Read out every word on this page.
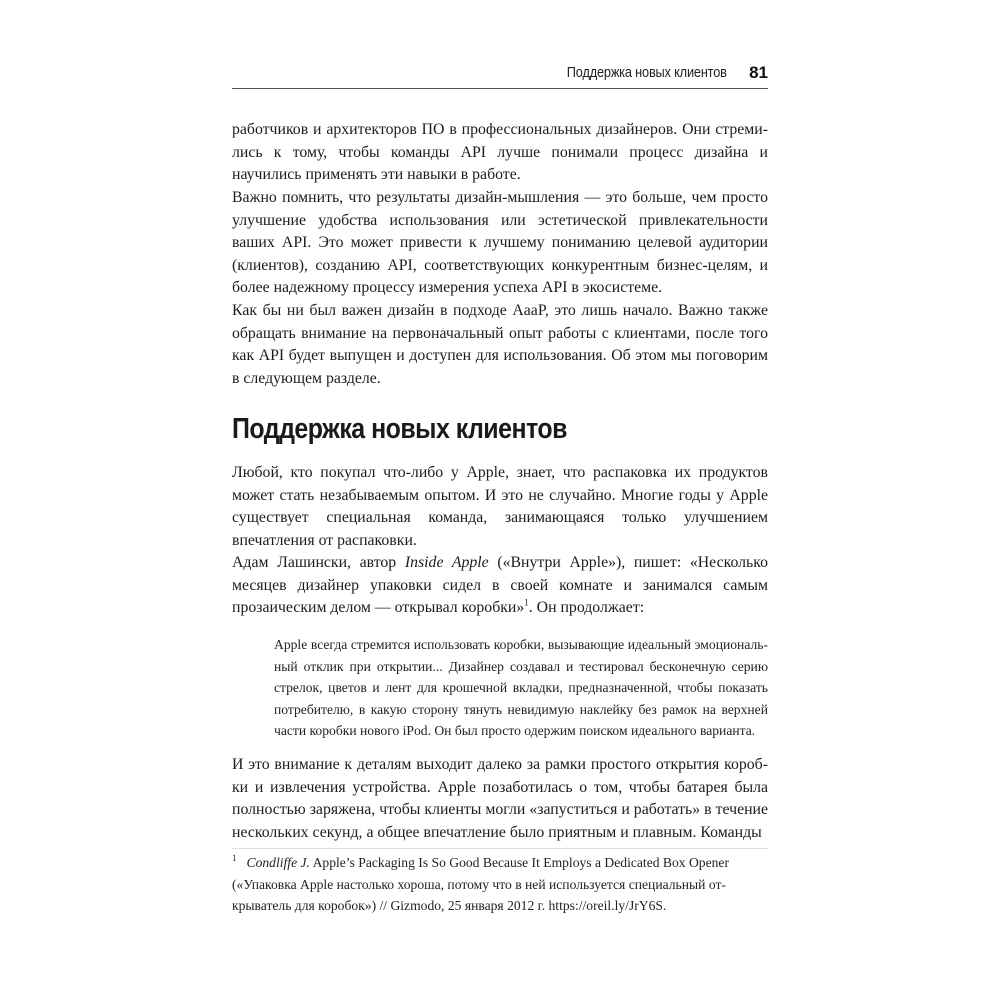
Поддержка новых клиентов 81

работчиков и архитекторов ПО в профессиональных дизайнеров. Они стремились к тому, чтобы команды API лучше понимали процесс дизайна и научились применять эти навыки в работе.

Важно помнить, что результаты дизайн-мышления — это больше, чем просто улучшение удобства использования или эстетической привлекательности ваших API. Это может привести к лучшему пониманию целевой аудитории (клиентов), созданию API, соответствующих конкурентным бизнес-целям, и более надежному процессу измерения успеха API в экосистеме.

Как бы ни был важен дизайн в подходе AaaP, это лишь начало. Важно также обращать внимание на первоначальный опыт работы с клиентами, после того как API будет выпущен и доступен для использования. Об этом мы поговорим в следующем разделе.

Поддержка новых клиентов

Любой, кто покупал что-либо у Apple, знает, что распаковка их продуктов может стать незабываемым опытом. И это не случайно. Многие годы у Apple существует специальная команда, занимающаяся только улучшением впечатления от распаковки.

Адам Лашински, автор Inside Apple («Внутри Apple»), пишет: «Несколько месяцев дизайнер упаковки сидел в своей комнате и занимался самым прозаическим делом — открывал коробки»$^1$. Он продолжает:

Apple всегда стремится использовать коробки, вызывающие идеальный эмоциональный отклик при открытии... Дизайнер создавал и тестировал бесконечную серию стрелок, цветов и лент для крошечной вкладки, предназначенной, чтобы показать потребителю, в какую сторону тянуть невидимую наклейку без рамок на верхней части коробки нового iPod. Он был просто одержим поиском идеального варианта.

И это внимание к деталям выходит далеко за рамки простого открытия коробки и извлечения устройства. Apple позаботилась о том, чтобы батарея была полностью заряжена, чтобы клиенты могли «запуститься и работать» в течение нескольких секунд, а общее впечатление было приятным и плавным. Команды

$^1$ Condliffe J. Apple’s Packaging Is So Good Because It Employs a Dedicated Box Opener («Упаковка Apple настолько хороша, потому что в ней используется специальный открыватель для коробок») // Gizmodo, 25 января 2012 г. https://oreil.ly/JrY6S.
